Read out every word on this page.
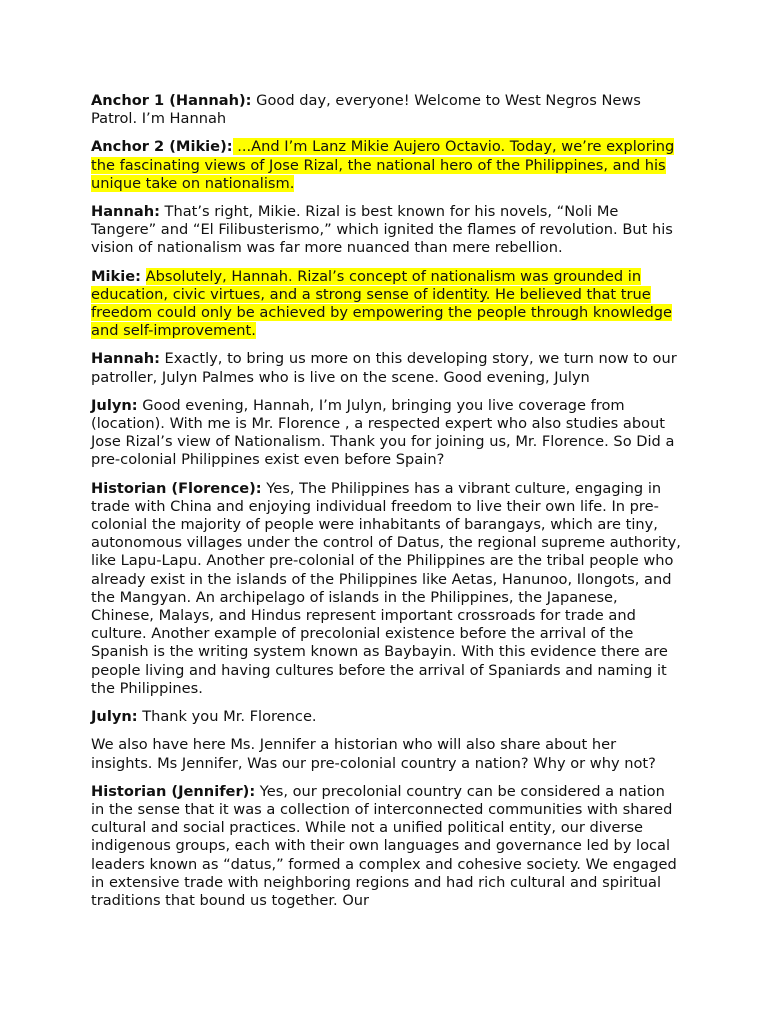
Anchor 1 (Hannah): Good day, everyone! Welcome to West Negros News Patrol. I’m Hannah

Anchor 2 (Mikie): ...And I’m Lanz Mikie Aujero Octavio. Today, we’re exploring the fascinating views of Jose Rizal, the national hero of the Philippines, and his unique take on nationalism.

Hannah: That’s right, Mikie. Rizal is best known for his novels, “Noli Me Tangere” and “El Filibusterismo,” which ignited the flames of revolution. But his vision of nationalism was far more nuanced than mere rebellion.

Mikie: Absolutely, Hannah. Rizal’s concept of nationalism was grounded in education, civic virtues, and a strong sense of identity. He believed that true freedom could only be achieved by empowering the people through knowledge and self-improvement.

Hannah: Exactly, to bring us more on this developing story, we turn now to our patroller, Julyn Palmes who is live on the scene. Good evening, Julyn

Julyn: Good evening, Hannah, I’m Julyn, bringing you live coverage from (location). With me is Mr. Florence , a respected expert who also studies about Jose Rizal’s view of Nationalism. Thank you for joining us, Mr. Florence. So Did a pre-colonial Philippines exist even before Spain?

Historian (Florence): Yes, The Philippines has a vibrant culture, engaging in trade with China and enjoying individual freedom to live their own life. In pre-colonial the majority of people were inhabitants of barangays, which are tiny, autonomous villages under the control of Datus, the regional supreme authority, like Lapu-Lapu. Another pre-colonial of the Philippines are the tribal people who already exist in the islands of the Philippines like Aetas, Hanunoo, Ilongots, and the Mangyan. An archipelago of islands in the Philippines, the Japanese, Chinese, Malays, and Hindus represent important crossroads for trade and culture. Another example of precolonial existence before the arrival of the Spanish is the writing system known as Baybayin. With this evidence there are people living and having cultures before the arrival of Spaniards and naming it the Philippines.

Julyn: Thank you Mr. Florence.

We also have here Ms. Jennifer a historian who will also share about her insights. Ms Jennifer, Was our pre-colonial country a nation? Why or why not?

Historian (Jennifer): Yes, our precolonial country can be considered a nation in the sense that it was a collection of interconnected communities with shared cultural and social practices. While not a unified political entity, our diverse indigenous groups, each with their own languages and governance led by local leaders known as “datus,” formed a complex and cohesive society. We engaged in extensive trade with neighboring regions and had rich cultural and spiritual traditions that bound us together. Our
